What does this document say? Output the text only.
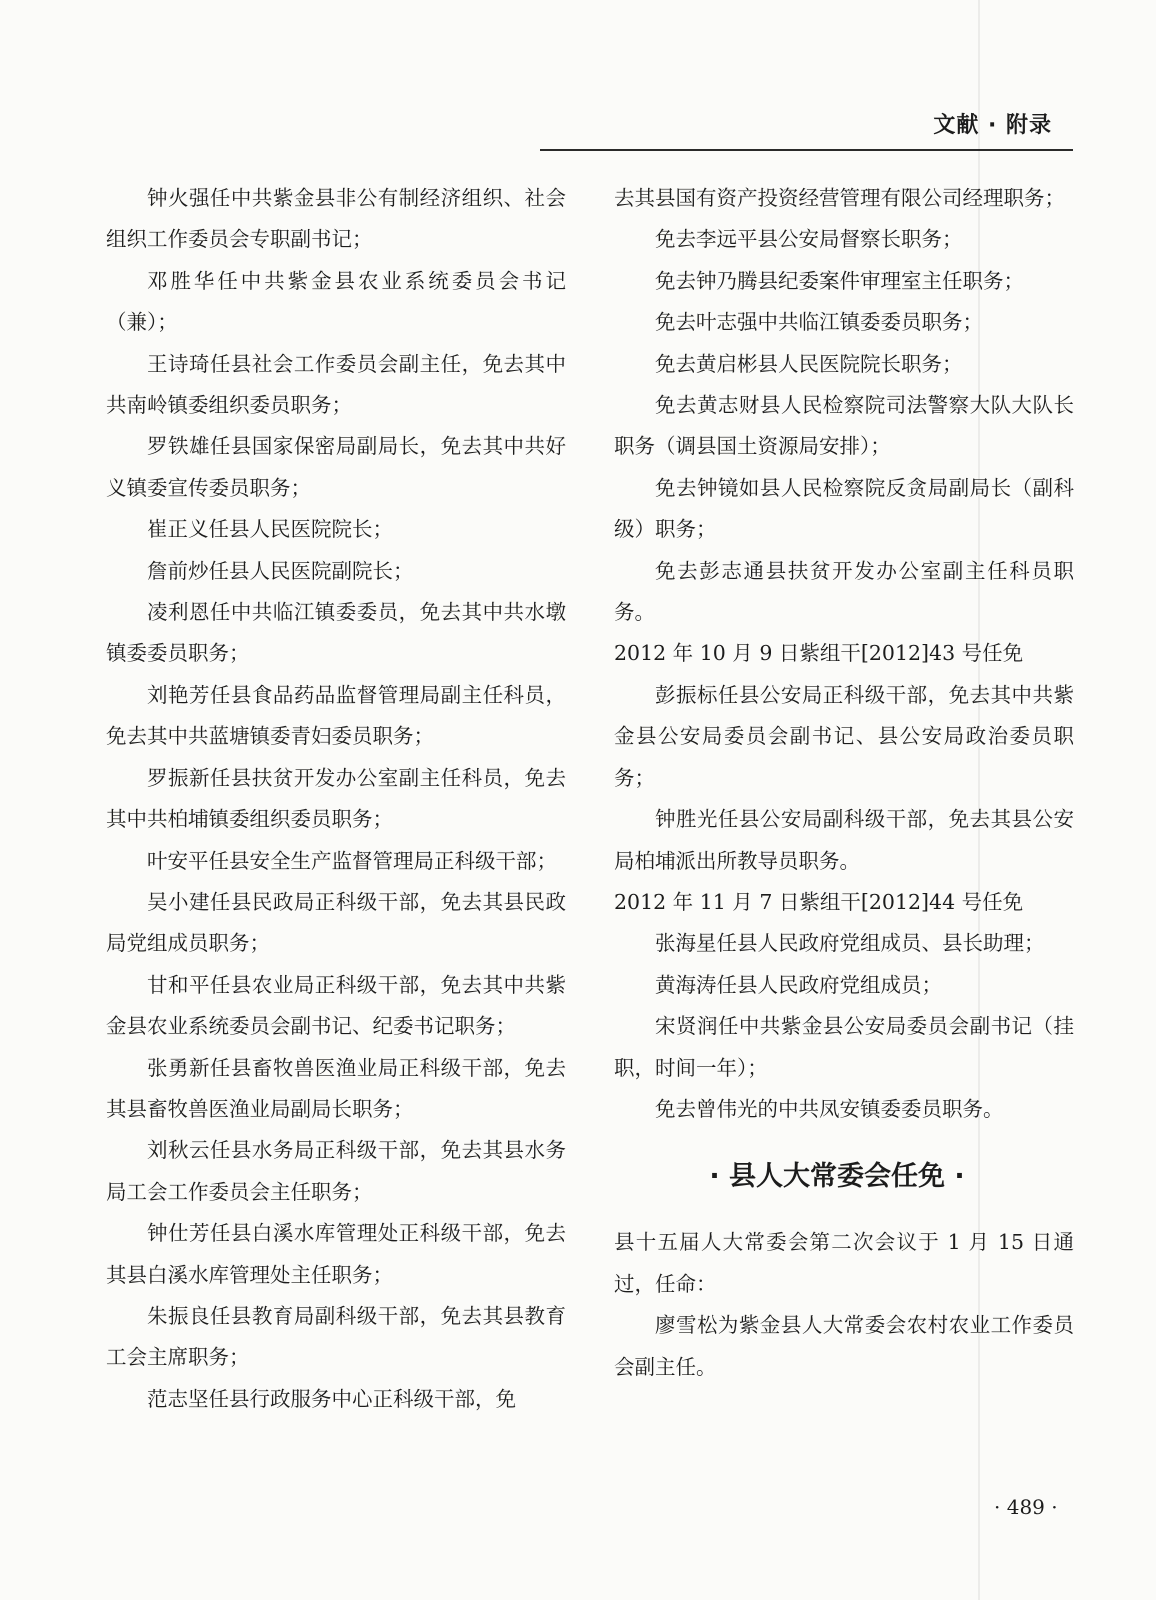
文献 · 附录

钟火强任中共紫金县非公有制经济组织、社会组织工作委员会专职副书记；

邓胜华任中共紫金县农业系统委员会书记（兼）；

王诗琦任县社会工作委员会副主任，免去其中共南岭镇委组织委员职务；

罗铁雄任县国家保密局副局长，免去其中共好义镇委宣传委员职务；

崔正义任县人民医院院长；

詹前炒任县人民医院副院长；

凌利恩任中共临江镇委委员，免去其中共水墩镇委委员职务；

刘艳芳任县食品药品监督管理局副主任科员，免去其中共蓝塘镇委青妇委员职务；

罗振新任县扶贫开发办公室副主任科员，免去其中共柏埔镇委组织委员职务；

叶安平任县安全生产监督管理局正科级干部；

吴小建任县民政局正科级干部，免去其县民政局党组成员职务；

甘和平任县农业局正科级干部，免去其中共紫金县农业系统委员会副书记、纪委书记职务；

张勇新任县畜牧兽医渔业局正科级干部，免去其县畜牧兽医渔业局副局长职务；

刘秋云任县水务局正科级干部，免去其县水务局工会工作委员会主任职务；

钟仕芳任县白溪水库管理处正科级干部，免去其县白溪水库管理处主任职务；

朱振良任县教育局副科级干部，免去其县教育工会主席职务；

范志坚任县行政服务中心正科级干部，免

去其县国有资产投资经营管理有限公司经理职务；

免去李远平县公安局督察长职务；

免去钟乃腾县纪委案件审理室主任职务；

免去叶志强中共临江镇委委员职务；

免去黄启彬县人民医院院长职务；

免去黄志财县人民检察院司法警察大队大队长职务（调县国土资源局安排）；

免去钟镜如县人民检察院反贪局副局长（副科级）职务；

免去彭志通县扶贫开发办公室副主任科员职务。

2012 年 10 月 9 日紫组干[2012]43 号任免

彭振标任县公安局正科级干部，免去其中共紫金县公安局委员会副书记、县公安局政治委员职务；

钟胜光任县公安局副科级干部，免去其县公安局柏埔派出所教导员职务。

2012 年 11 月 7 日紫组干[2012]44 号任免

张海星任县人民政府党组成员、县长助理；

黄海涛任县人民政府党组成员；

宋贤润任中共紫金县公安局委员会副书记（挂职，时间一年）；

免去曾伟光的中共凤安镇委委员职务。

· 县人大常委会任免 ·

县十五届人大常委会第二次会议于 1 月 15 日通过，任命：

廖雪松为紫金县人大常委会农村农业工作委员会副主任。

· 489 ·
